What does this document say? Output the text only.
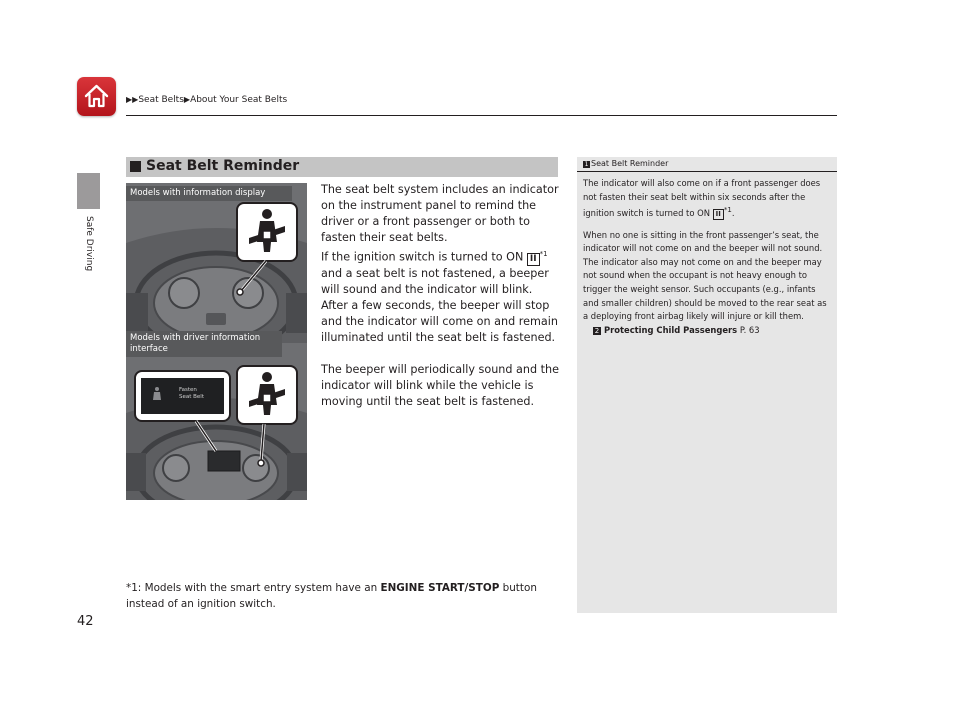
▶▶Seat Belts▶About Your Seat Belts
Safe Driving
Seat Belt Reminder
Models with information display
Models with driver information interface
Fasten
Seat Belt

The seat belt system includes an indicator on the instrument panel to remind the driver or a front passenger or both to fasten their seat belts.
If the ignition switch is turned to ON II $^{*1}$ and a seat belt is not fastened, a beeper will sound and the indicator will blink. After a few seconds, the beeper will stop and the indicator will come on and remain illuminated until the seat belt is fastened.

The beeper will periodically sound and the indicator will blink while the vehicle is moving until the seat belt is fastened.

*1: Models with the smart entry system have an ENGINE START/STOP button instead of an ignition switch.
1 Seat Belt Reminder

The indicator will also come on if a front passenger does not fasten their seat belt within six seconds after the ignition switch is turned to ON II $^{*1}$.

When no one is sitting in the front passenger’s seat, the indicator will not come on and the beeper will not sound.

The indicator also may not come on and the beeper may not sound when the occupant is not heavy enough to trigger the weight sensor. Such occupants (e.g., infants and smaller children) should be moved to the rear seat as a deploying front airbag likely will injure or kill them.

2 Protecting Child Passengers P. 63
42
